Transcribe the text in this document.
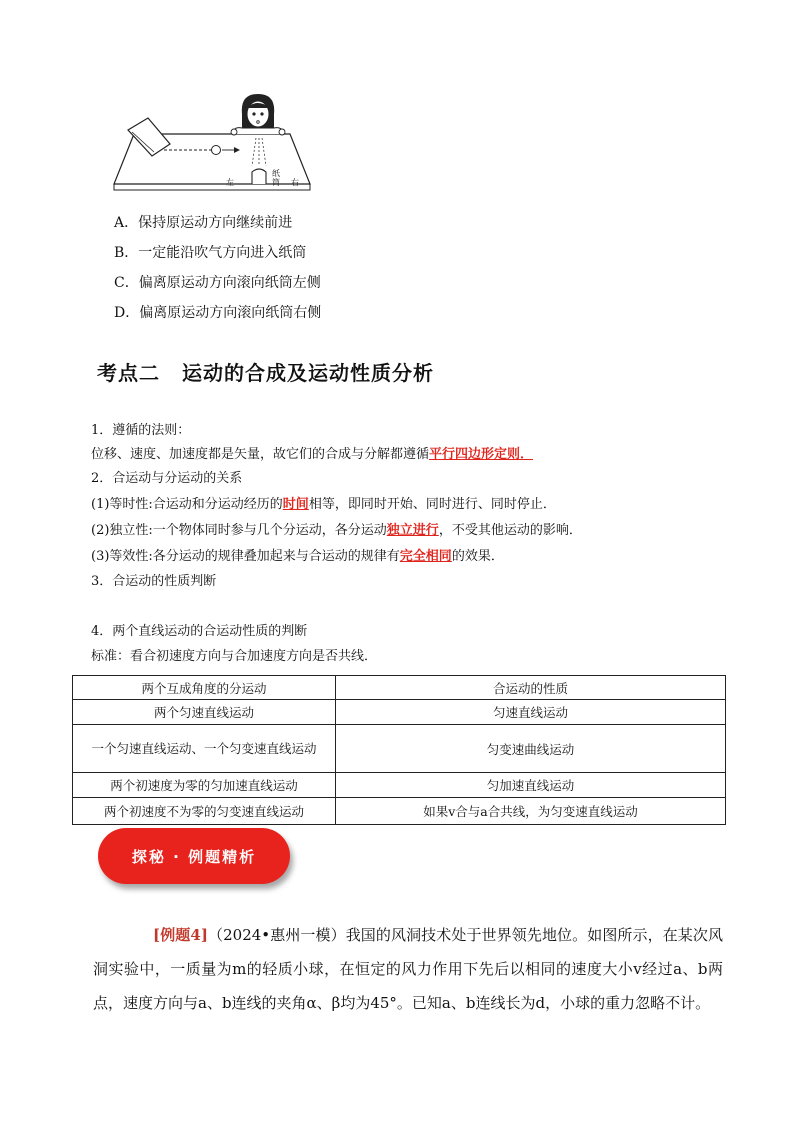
左
纸筒 右
A．保持原运动方向继续前进
B．一定能沿吹气方向进入纸筒
C．偏离原运动方向滚向纸筒左侧
D．偏离原运动方向滚向纸筒右侧
考点二 运动的合成及运动性质分析
1．遵循的法则：
位移、速度、加速度都是矢量，故它们的合成与分解都遵循平行四边形定则．
2．合运动与分运动的关系
(1)等时性:合运动和分运动经历的时间相等，即同时开始、同时进行、同时停止．
(2)独立性:一个物体同时参与几个分运动，各分运动独立进行，不受其他运动的影响．
(3)等效性:各分运动的规律叠加起来与合运动的规律有完全相同的效果．
3．合运动的性质判断
4．两个直线运动的合运动性质的判断
标准：看合初速度方向与合加速度方向是否共线．
两个互成角度的分运动	合运动的性质
两个匀速直线运动	匀速直线运动
一个匀速直线运动、一个匀变速直线运动	匀变速曲线运动
两个初速度为零的匀加速直线运动	匀加速直线运动
两个初速度不为零的匀变速直线运动	如果v合与a合共线，为匀变速直线运动
探秘 · 例题精析
[例题4]（2024•惠州一模）我国的风洞技术处于世界领先地位。如图所示，在某次风洞实验中，一质量为m的轻质小球，在恒定的风力作用下先后以相同的速度大小v经过a、b两点，速度方向与a、b连线的夹角α、β均为45°。已知a、b连线长为d，小球的重力忽略不计。
